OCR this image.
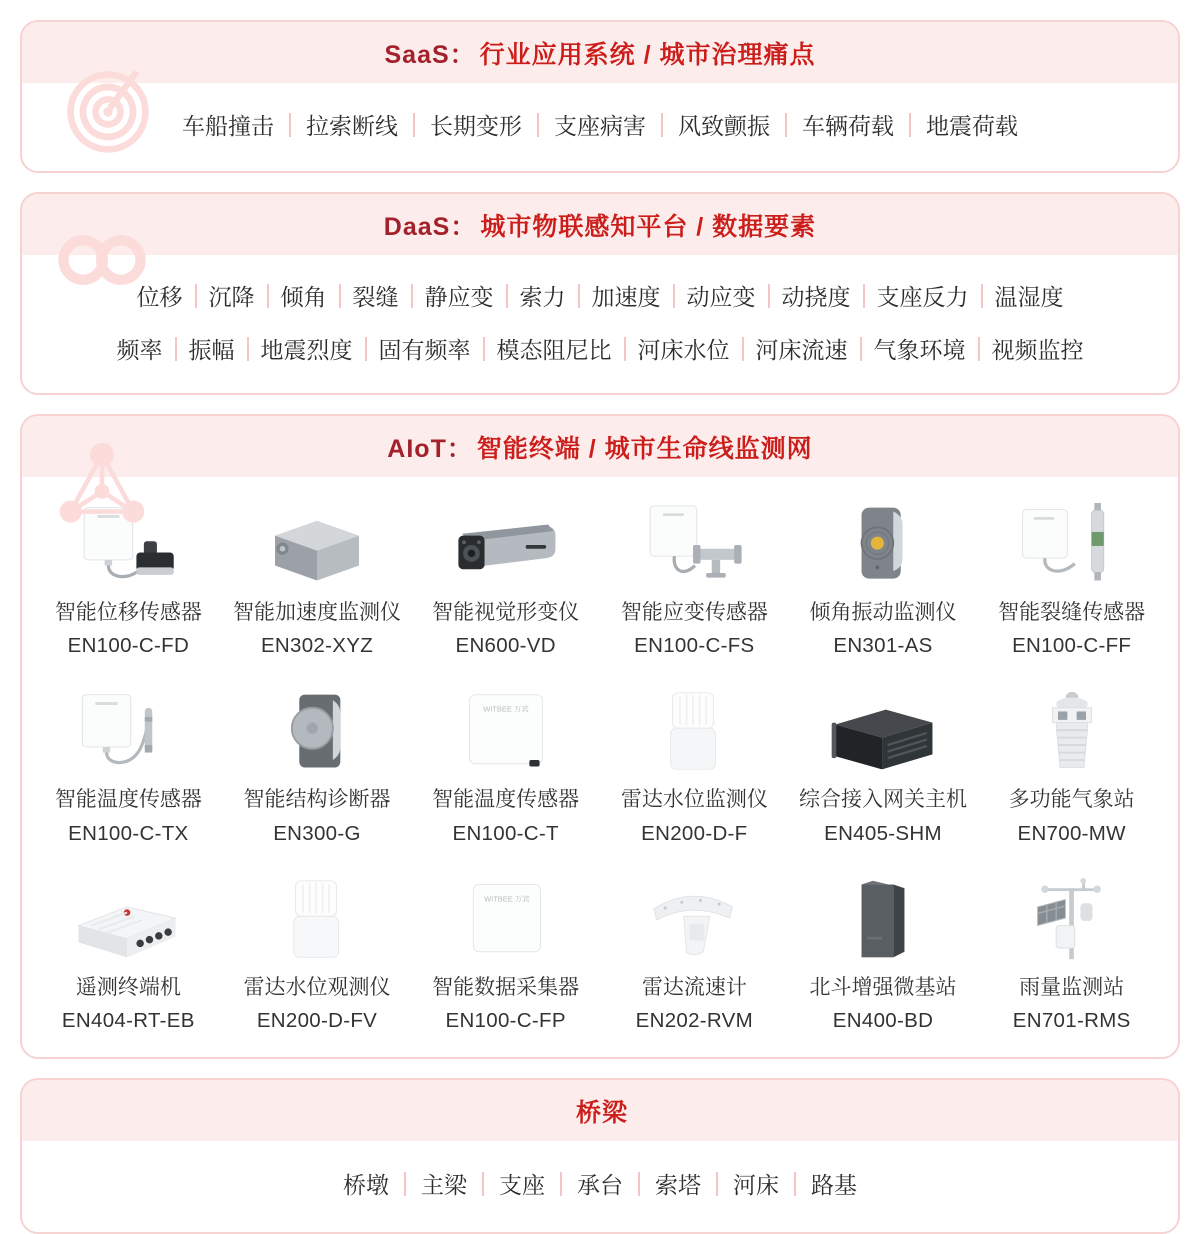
SaaS： 行业应用系统 / 城市治理痛点
车船撞击	拉索断线	长期变形	支座病害	风致颤振	车辆荷载	地震荷载
DaaS： 城市物联感知平台 / 数据要素
位移	沉降	倾角	裂缝	静应变	索力	加速度	动应变	动挠度	支座反力	温湿度
频率	振幅	地震烈度	固有频率	模态阻尼比	河床水位	河床流速	气象环境	视频监控
AIoT： 智能终端 / 城市生命线监测网
智能位移传感器
EN100-C-FD
智能加速度监测仪
EN302-XYZ
智能视觉形变仪
EN600-VD
智能应变传感器
EN100-C-FS
倾角振动监测仪
EN301-AS
智能裂缝传感器
EN100-C-FF
智能温度传感器
EN100-C-TX
智能结构诊断器
EN300-G
WITBEE 万宾
智能温度传感器
EN100-C-T
雷达水位监测仪
EN200-D-F
综合接入网关主机
EN405-SHM
多功能气象站
EN700-MW
遥测终端机
EN404-RT-EB
雷达水位观测仪
EN200-D-FV
WITBEE 万宾
智能数据采集器
EN100-C-FP
雷达流速计
EN202-RVM
北斗增强微基站
EN400-BD
雨量监测站
EN701-RMS
桥梁
桥墩	主梁	支座	承台	索塔	河床	路基
